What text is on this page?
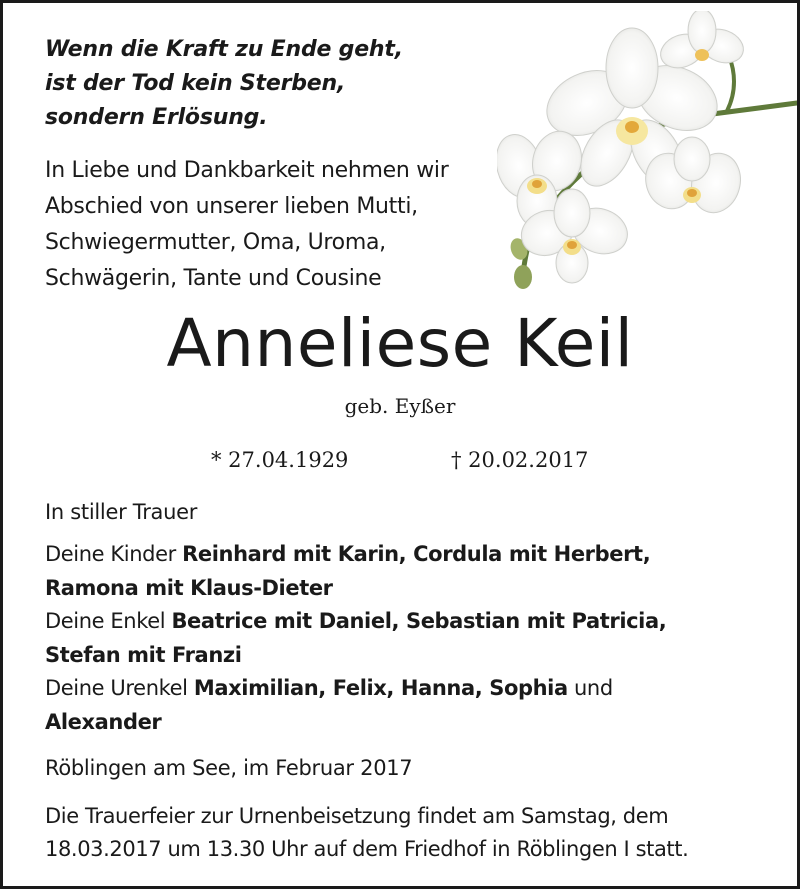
Wenn die Kraft zu Ende geht,
ist der Tod kein Sterben,
sondern Erlösung.
In Liebe und Dankbarkeit nehmen wir
Abschied von unserer lieben Mutti,
Schwiegermutter, Oma, Uroma,
Schwägerin, Tante und Cousine
Anneliese Keil
geb. Eyßer
* 27.04.1929	† 20.02.2017
In stiller Trauer
Deine Kinder Reinhard mit Karin, Cordula mit Herbert,
Ramona mit Klaus-Dieter
Deine Enkel Beatrice mit Daniel, Sebastian mit Patricia,
Stefan mit Franzi
Deine Urenkel Maximilian, Felix, Hanna, Sophia und
Alexander
Röblingen am See, im Februar 2017
Die Trauerfeier zur Urnenbeisetzung findet am Samstag, dem
18.03.2017 um 13.30 Uhr auf dem Friedhof in Röblingen I statt.
